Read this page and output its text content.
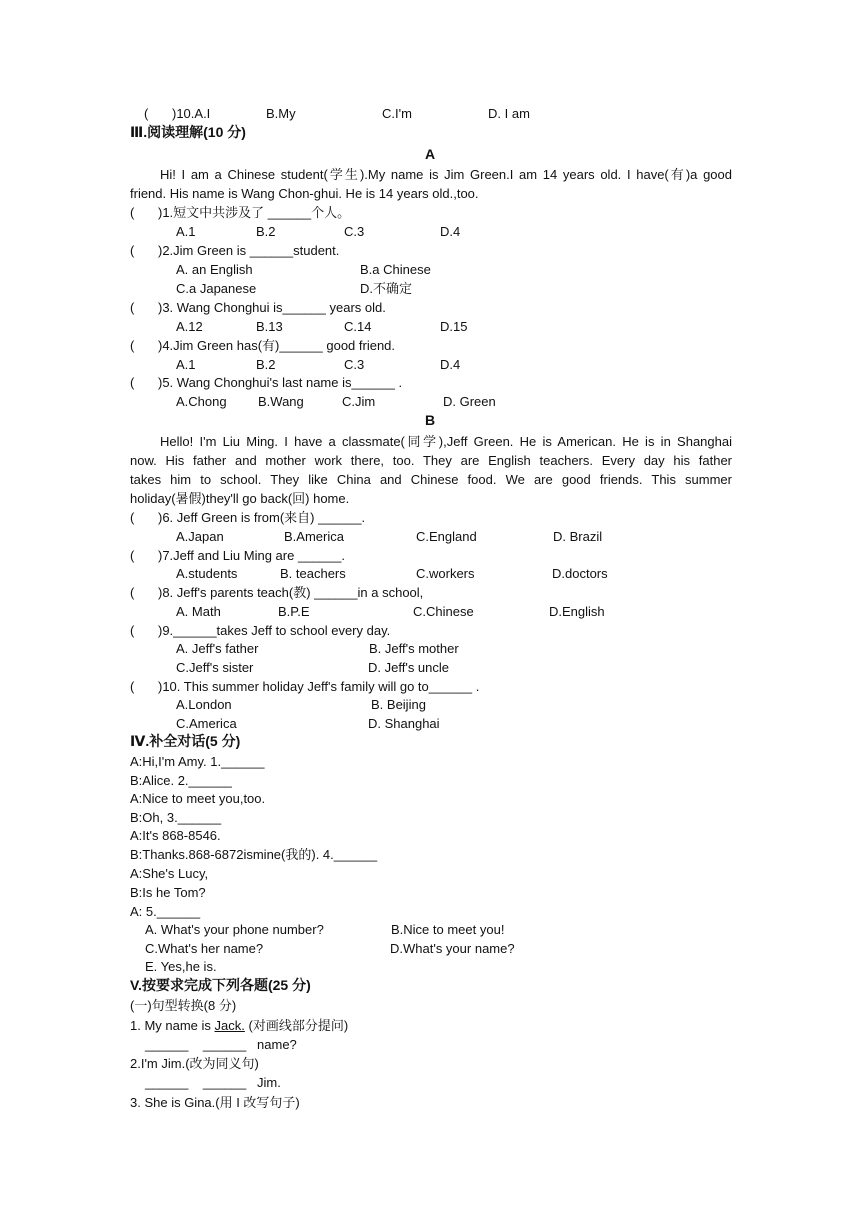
( )10.A.I	B.My	C.I'm	D. I am
Ⅲ.阅读理解(10 分)
A
Hi! I am a Chinese student(学生).My name is Jim Green.I am 14 years old. I have(有)a good
friend. His name is Wang Chon-ghui. He is 14 years old.,too.
( )1.短文中共涉及了 ______个人。
A.1	B.2	C.3	D.4
( )2.Jim Green is ______student.
A. an English	B.a Chinese
C.a Japanese	D.不确定
( )3. Wang Chonghui is______ years old.
A.12	B.13	C.14	D.15
( )4.Jim Green has(有)______ good friend.
A.1	B.2	C.3	D.4
( )5. Wang Chonghui's last name is______ .
A.Chong B.Wang	C.Jim	D. Green
B
Hello! I'm Liu Ming. I have a classmate(同学),Jeff Green. He is American. He is in Shanghai
now. His father and mother work there, too. They are English teachers. Every day his father
takes him to school. They like China and Chinese food. We are good friends. This summer
holiday(暑假)they'll go back(回) home.
( )6. Jeff Green is from(来自) ______.
A.Japan	B.America	C.England	D. Brazil
( )7.Jeff and Liu Ming are ______.
A.students	B. teachers	C.workers	D.doctors
( )8. Jeff's parents teach(教) ______in a school,
A. Math	B.P.E	C.Chinese	D.English
( )9.______takes Jeff to school every day.
A. Jeff's father	B. Jeff's mother
C.Jeff's sister	D. Jeff's uncle
( )10. This summer holiday Jeff's family will go to______ .
A.London	B. Beijing
C.America	D. Shanghai
Ⅳ.补全对话(5 分)
A:Hi,I'm Amy. 1.______
B:Alice. 2.______
A:Nice to meet you,too.
B:Oh, 3.______
A:It's 868-8546.
B:Thanks.868-6872ismine(我的). 4.______
A:She's Lucy,
B:Is he Tom?
A: 5.______
A. What's your phone number?	B.Nice to meet you!
C.What's her name?	D.What's your name?
E. Yes,he is.
V.按要求完成下列各题(25 分)
(一)句型转换(8 分)
1. My name is Jack. (对画线部分提问)
______    ______   name?
2.I'm Jim.(改为同义句)
______    ______   Jim.
3. She is Gina.(用 I 改写句子)
